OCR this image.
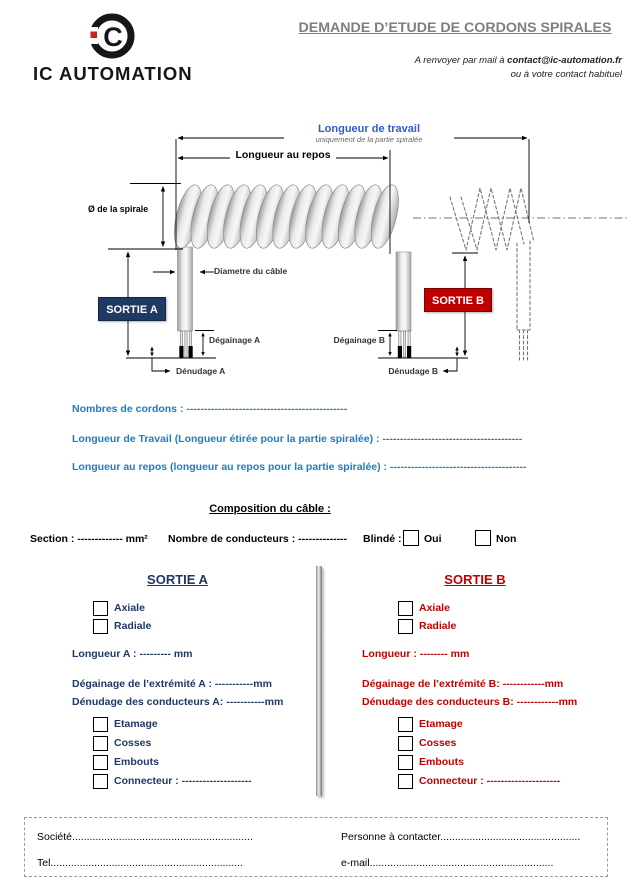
C
IC AUTOMATION
DEMANDE D’ETUDE DE CORDONS SPIRALES
A renvoyer par mail à contact@ic-automation.fr
ou à votre contact habituel
Longueur de travail
uniquement de la partie spiralée
Longueur au repos
Ø de la spirale
Diametre du câble
SORTIE A
SORTIE B
Dégainage A	Dégainage B
Dénudage A	Dénudage B
Nombres de cordons : ----------------------------------------------
Longueur de Travail (Longueur étirée pour la partie spiralée) : ----------------------------------------
Longueur au repos (longueur au repos pour la partie spiralée) : ---------------------------------------
Composition du câble :
Section : ------------- mm² Nombre de conducteurs : -------------- Blindé : Oui	Non
SORTIE A
Axiale
Radiale
Longueur A : --------- mm
Dégainage de l’extrémité A : -----------mm
Dénudage des conducteurs A: -----------mm
Etamage
Cosses
Embouts
Connecteur : --------------------
SORTIE B
Axiale
Radiale
Longueur : -------- mm
Dégainage de l’extrémité B: ------------mm
Dénudage des conducteurs B: ------------mm
Etamage
Cosses
Embouts
Connecteur : ---------------------
Société..............................................................	Personne à contacter................................................
Tel..................................................................	e-mail...............................................................
